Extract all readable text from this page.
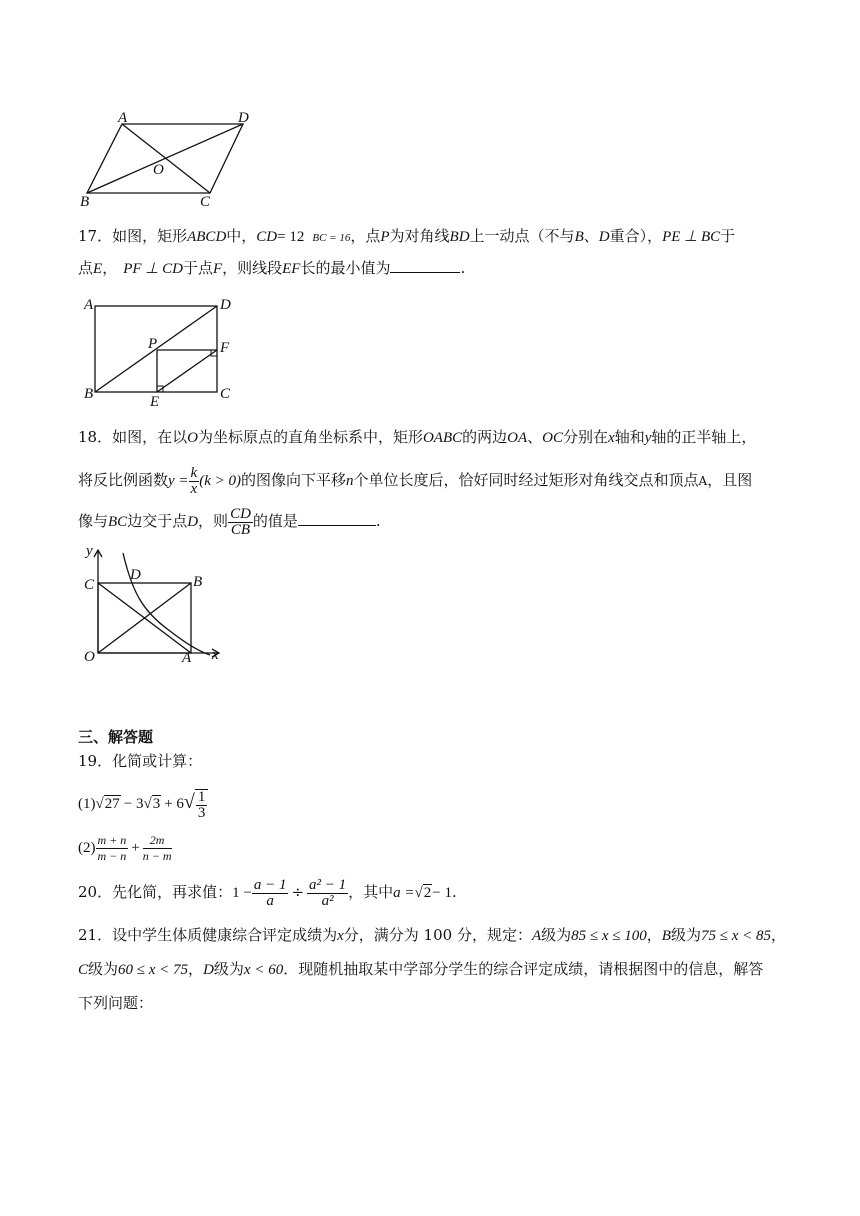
A	D
O
B	C
17．如图，矩形ABCD中，CD= 12 BC = 16，点P为对角线BD上一动点（不与B、D重合），PE ⊥ BC于
点E， PF ⊥ CD于点F，则线段EF长的最小值为	.
A	D
P	F
B	E	C
18．如图，在以O为坐标原点的直角坐标系中，矩形OABC的两边OA、OC分别在x轴和y轴的正半轴上，
将反比例函数$y = \frac{k}{x} (k > 0)$的图像向下平移n个单位长度后，恰好同时经过矩形对角线交点和顶点A，且图
像与BC边交于点D，则 $\frac{CD}{CB}$ 的值是	.
y
C
D	B
O	A x
三、解答题
19．化简或计算：
$(1)√27 - 3√3 + 6√ \frac{1}{3}$
$(2) \frac{m + n}{m - n} + \frac{2m}{n - m}$
20．先化简，再求值：$1 - \frac{a - 1}{a} \div \frac{\text{a² − 1}}{\text{a²}}$ ，其中a =√2− 1.
21．设中学生体质健康综合评定成绩为x分，满分为 100 分，规定：A级为85 ≤ x ≤ 100，B级为75 ≤ x < 85，
C级为60 ≤ x < 75，D级为x < 60．现随机抽取某中学部分学生的综合评定成绩，请根据图中的信息，解答
下列问题：
